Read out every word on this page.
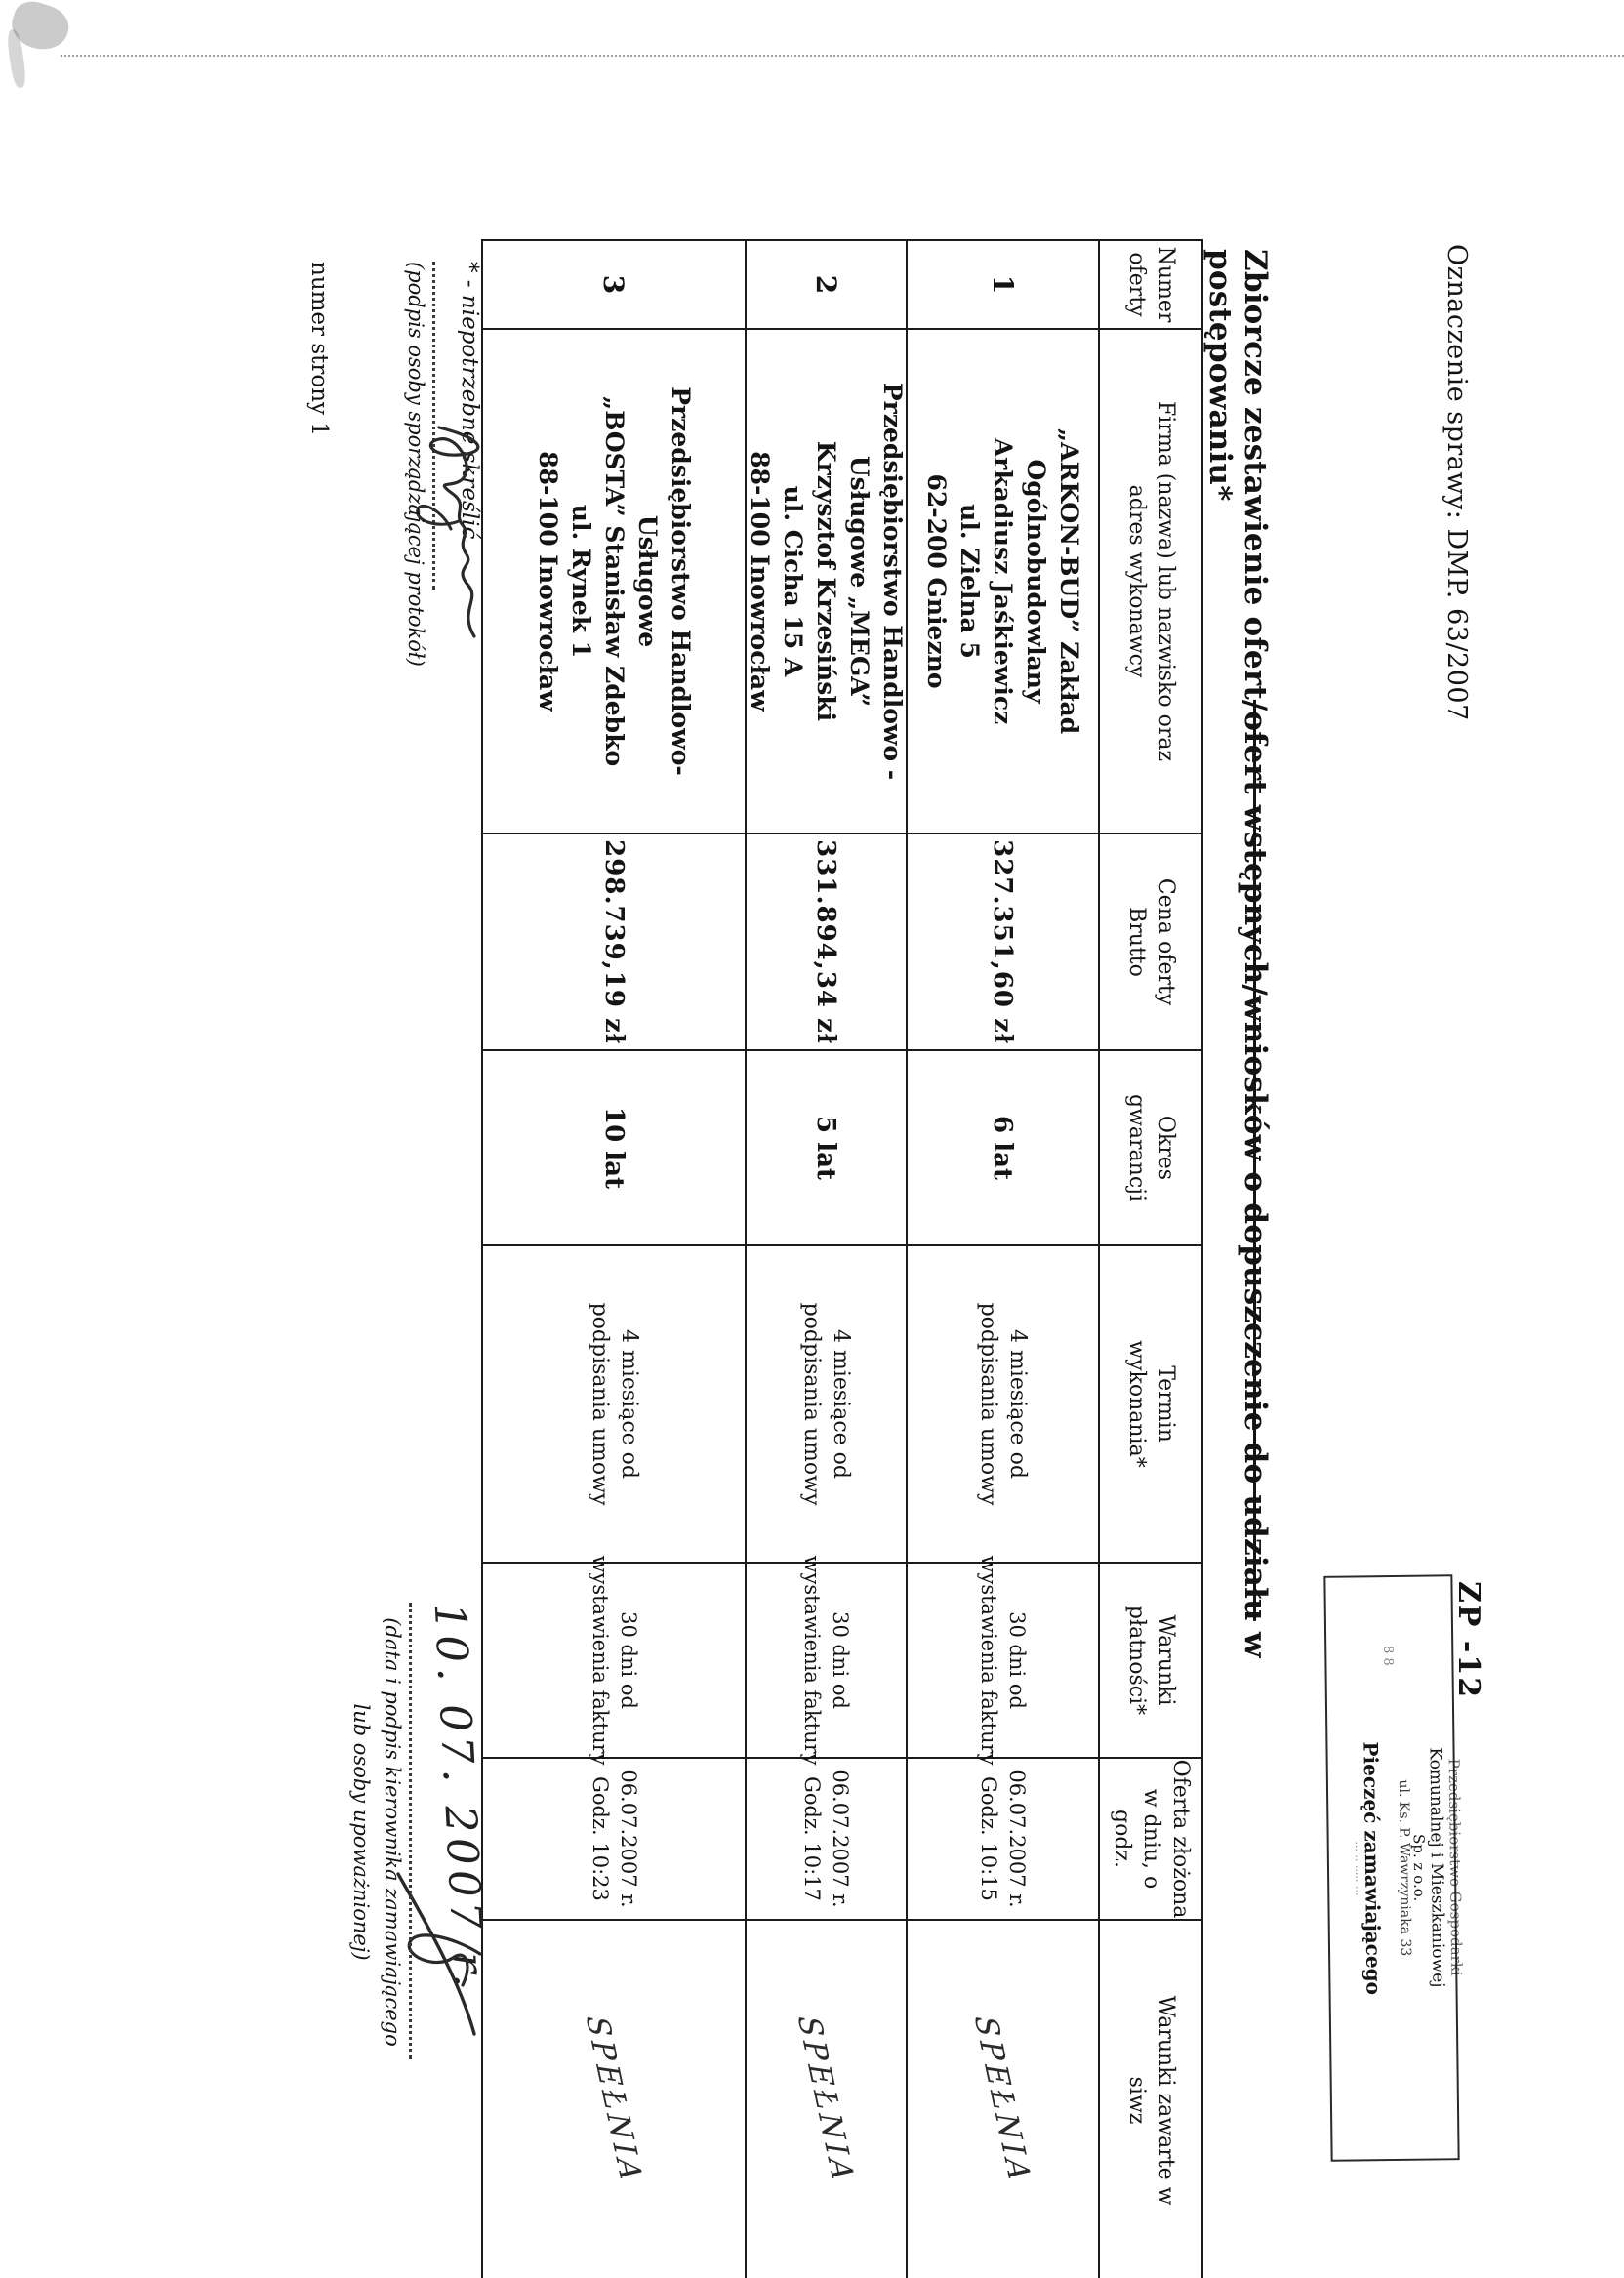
Oznaczenie sprawy: DMP. 63/2007
ZP -12
Przedsiębiorstwo Gospodarki
Komunalnej i Mieszkaniowej
Sp. z o.o.
ul. Ks. P. Wawrzyniaka 33
8 8
Pieczęć zamawiającego
··· ·· ····· ···
Zbiorcze zestawienie ofert/ofert wstępnych/wniosków o dopuszczenie do udziału w postępowaniu*
Numer
oferty
Firma (nazwa) lub nazwisko oraz
adres wykonawcy
Cena oferty
Brutto
Okres
gwarancji
Termin
wykonania*
Warunki
płatności*
Oferta złożona
w dniu, o godz.
Warunki zawarte w
siwz
1
„ARKON-BUD” Zakład
Ogólnobudowlany
Arkadiusz Jaśkiewicz
ul. Zielna 5
62-200 Gniezno
327.351,60 zł
6 lat
4 miesiące od
podpisania umowy
30 dni od
wystawienia faktury
06.07.2007 r.
Godz. 10:15
SPEŁNIA
2
Przedsiębiorstwo Handlowo -
Usługowe „MEGA”
Krzysztof Krzesiński
ul. Cicha 15 A
88-100 Inowrocław
331.894,34 zł
5 lat
4 miesiące od
podpisania umowy
30 dni od
wystawienia faktury
06.07.2007 r.
Godz. 10:17
SPEŁNIA
3
Przedsiębiorstwo Handlowo-
Usługowe
„BOSTA” Stanisław Zdebko
ul. Rynek 1
88-100 Inowrocław
298.739,19 zł
10 lat
4 miesiące od
podpisania umowy
30 dni od
wystawienia faktury
06.07.2007 r.
Godz. 10:23
SPEŁNIA
* - niepotrzebne skreślić
(podpis osoby sporządzającej protokół)
numer strony 1
10. 07. 2007 r.
(data i podpis kierownika zamawiającego
lub osoby upoważnionej)
